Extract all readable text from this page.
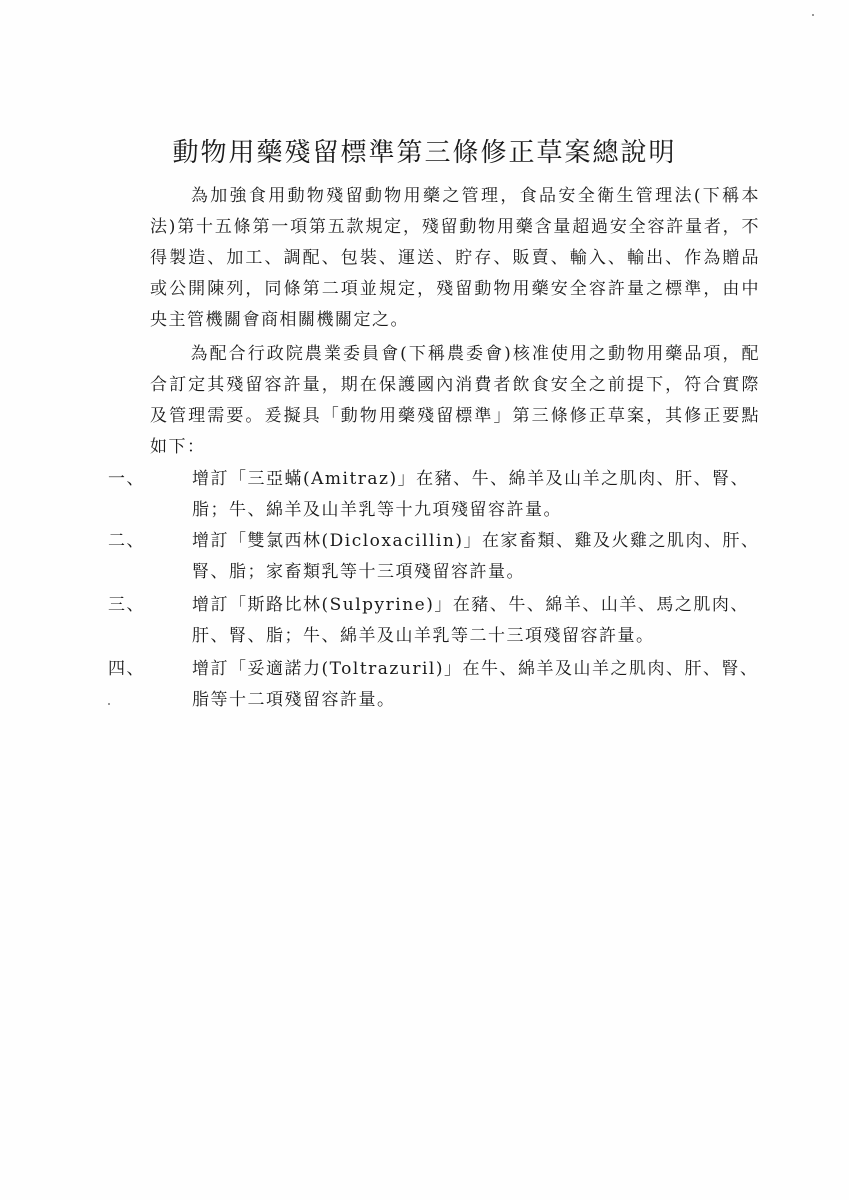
動物用藥殘留標準第三條修正草案總說明
為加強食用動物殘留動物用藥之管理，食品安全衛生管理法(下稱本法)第十五條第一項第五款規定，殘留動物用藥含量超過安全容許量者，不得製造、加工、調配、包裝、運送、貯存、販賣、輸入、輸出、作為贈品或公開陳列，同條第二項並規定，殘留動物用藥安全容許量之標準，由中央主管機關會商相關機關定之。
為配合行政院農業委員會(下稱農委會)核准使用之動物用藥品項，配合訂定其殘留容許量，期在保護國內消費者飲食安全之前提下，符合實際及管理需要。爰擬具「動物用藥殘留標準」第三條修正草案，其修正要點如下：
一、	增訂「三亞蟎(Amitraz)」在豬、牛、綿羊及山羊之肌肉、肝、腎、脂；牛、綿羊及山羊乳等十九項殘留容許量。
二、	增訂「雙氯西林(Dicloxacillin)」在家畜類、雞及火雞之肌肉、肝、腎、脂；家畜類乳等十三項殘留容許量。
三、	增訂「斯路比林(Sulpyrine)」在豬、牛、綿羊、山羊、馬之肌肉、肝、腎、脂；牛、綿羊及山羊乳等二十三項殘留容許量。
四、	增訂「妥適諾力(Toltrazuril)」在牛、綿羊及山羊之肌肉、肝、腎、脂等十二項殘留容許量。
